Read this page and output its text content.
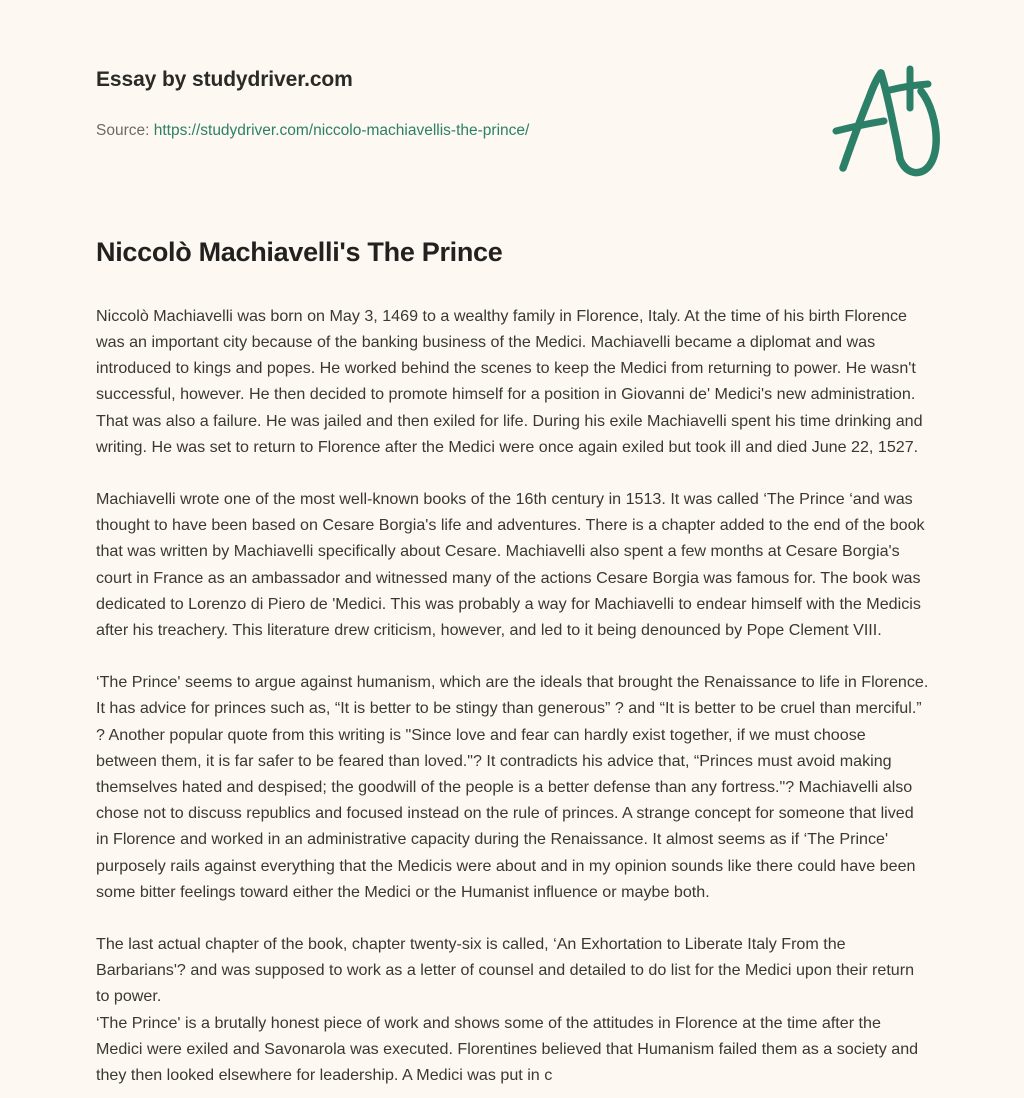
Essay by studydriver.com
Source: https://studydriver.com/niccolo-machiavellis-the-prince/
Niccolò Machiavelli's The Prince

Niccolò Machiavelli was born on May 3, 1469 to a wealthy family in Florence, Italy. At the time of his birth Florence was an important city because of the banking business of the Medici. Machiavelli became a diplomat and was introduced to kings and popes. He worked behind the scenes to keep the Medici from returning to power. He wasn't successful, however. He then decided to promote himself for a position in Giovanni de' Medici's new administration. That was also a failure. He was jailed and then exiled for life. During his exile Machiavelli spent his time drinking and writing. He was set to return to Florence after the Medici were once again exiled but took ill and died June 22, 1527.

Machiavelli wrote one of the most well-known books of the 16th century in 1513. It was called ‘The Prince ‘and was thought to have been based on Cesare Borgia's life and adventures. There is a chapter added to the end of the book that was written by Machiavelli specifically about Cesare. Machiavelli also spent a few months at Cesare Borgia's court in France as an ambassador and witnessed many of the actions Cesare Borgia was famous for. The book was dedicated to Lorenzo di Piero de 'Medici. This was probably a way for Machiavelli to endear himself with the Medicis after his treachery. This literature drew criticism, however, and led to it being denounced by Pope Clement VIII.

‘The Prince' seems to argue against humanism, which are the ideals that brought the Renaissance to life in Florence. It has advice for princes such as, “It is better to be stingy than generous” ? and “It is better to be cruel than merciful.” ? Another popular quote from this writing is "Since love and fear can hardly exist together, if we must choose between them, it is far safer to be feared than loved."? It contradicts his advice that, “Princes must avoid making themselves hated and despised; the goodwill of the people is a better defense than any fortress."? Machiavelli also chose not to discuss republics and focused instead on the rule of princes. A strange concept for someone that lived in Florence and worked in an administrative capacity during the Renaissance. It almost seems as if ‘The Prince' purposely rails against everything that the Medicis were about and in my opinion sounds like there could have been some bitter feelings toward either the Medici or the Humanist influence or maybe both.

The last actual chapter of the book, chapter twenty-six is called, ‘An Exhortation to Liberate Italy From the Barbarians'? and was supposed to work as a letter of counsel and detailed to do list for the Medici upon their return to power.
‘The Prince' is a brutally honest piece of work and shows some of the attitudes in Florence at the time after the Medici were exiled and Savonarola was executed. Florentines believed that Humanism failed them as a society and they then looked elsewhere for leadership. A Medici was put in c
